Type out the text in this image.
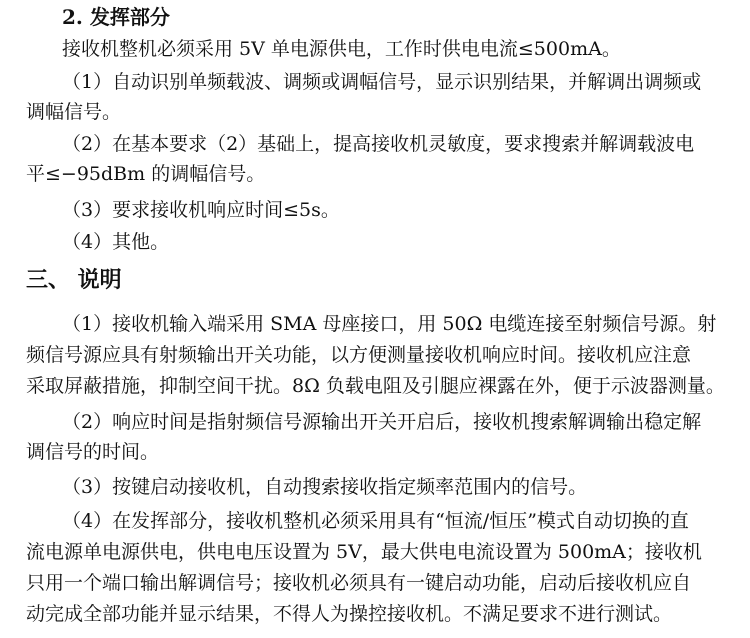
2. 发挥部分
接收机整机必须采用 5V 单电源供电，工作时供电电流≤500mA。
（1）自动识别单频载波、调频或调幅信号，显示识别结果，并解调出调频或
调幅信号。
（2）在基本要求（2）基础上，提高接收机灵敏度，要求搜索并解调载波电
平≤−95dBm 的调幅信号。
（3）要求接收机响应时间≤5s。
（4）其他。
三、 说明
（1）接收机输入端采用 SMA 母座接口，用 50Ω 电缆连接至射频信号源。射
频信号源应具有射频输出开关功能，以方便测量接收机响应时间。接收机应注意
采取屏蔽措施，抑制空间干扰。8Ω 负载电阻及引腿应裸露在外，便于示波器测量。
（2）响应时间是指射频信号源输出开关开启后，接收机搜索解调输出稳定解
调信号的时间。
（3）按键启动接收机，自动搜索接收指定频率范围内的信号。
（4）在发挥部分，接收机整机必须采用具有“恒流/恒压”模式自动切换的直
流电源单电源供电，供电电压设置为 5V，最大供电电流设置为 500mA；接收机
只用一个端口输出解调信号；接收机必须具有一键启动功能，启动后接收机应自
动完成全部功能并显示结果，不得人为操控接收机。不满足要求不进行测试。
